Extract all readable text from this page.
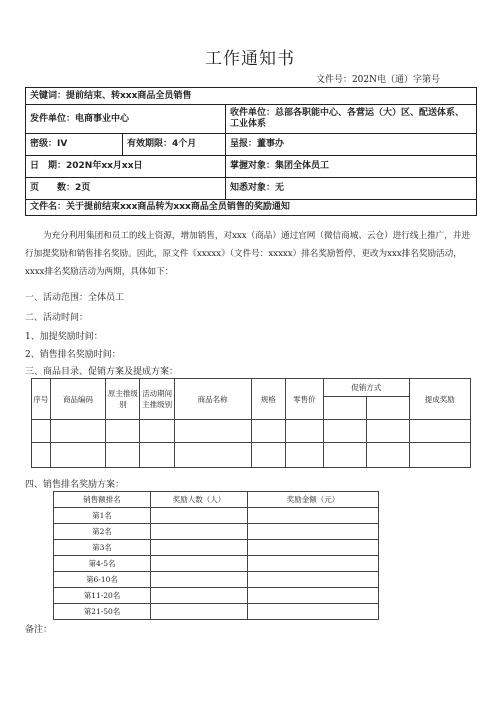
工作通知书
文件号：202N电（通）字第号
关键词：提前结束、转xxx商品全员销售		
发件单位：电商事业中心		收件单位：总部各职能中心、各营运（大）区、配送体系、工业体系
密级：IV	有效期限：4个月	呈报：董事办
日　期：202N年xx月xx日		掌握对象：集团全体员工
页　　数：2页		知悉对象：无
文件名：关于提前结束xxx商品转为xxx商品全员销售的奖励通知		
为充分利用集团和员工的线上资源，增加销售，对xxx（商品）通过官网（微信商城、云仓）进行线上推广，并进行加提奖励和销售排名奖励。因此，原文件《xxxxx》（文件号：xxxxx）排名奖励暂停，更改为xxx排名奖励活动，xxxx排名奖励活动为两期，具体如下：
一、活动范围：全体员工
二、活动时间：
1、加提奖励时间：
2、销售排名奖励时间：
三、商品目录、促销方案及提成方案：
序号	商品编码	原主推级别	活动期间主推级别	商品名称	规格	零售价	促销方式		提成奖励

四、销售排名奖励方案：
销售额排名	奖励人数（人）	奖励金额（元）
第1名		
第2名		
第3名		
第4-5名		
第6-10名		
第11-20名		
第21-50名		
备注：
